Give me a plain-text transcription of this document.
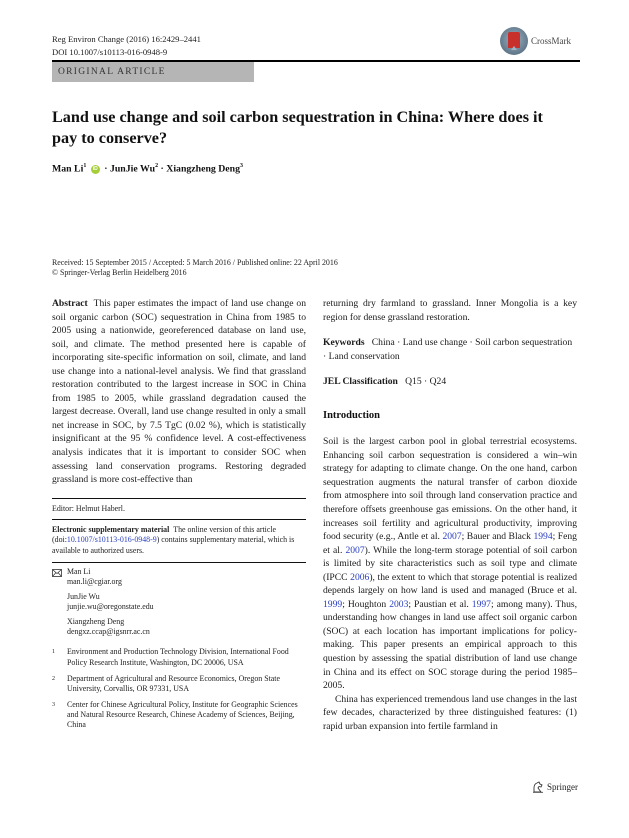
Reg Environ Change (2016) 16:2429–2441
DOI 10.1007/s10113-016-0948-9
CrossMark
ORIGINAL ARTICLE
Land use change and soil carbon sequestration in China: Where does it pay to conserve?
Man Li$^1$ iD · JunJie $Wu^2$ · Xiangzheng Deng$^3$
Received: 15 September 2015 / Accepted: 5 March 2016 / Published online: 22 April 2016
© Springer-Verlag Berlin Heidelberg 2016

Abstract This paper estimates the impact of land use change on soil organic carbon (SOC) sequestration in China from 1985 to 2005 using a nationwide, georeferenced database on land use, soil, and climate. The method presented here is capable of incorporating site-specific information on soil, climate, and land use change into a national-level analysis. We find that grassland restoration contributed to the largest increase in SOC in China from 1985 to 2005, while grassland degradation caused the largest decrease. Overall, land use change resulted in only a small net increase in SOC, by 7.5 TgC (0.02 %), which is statistically insignificant at the 95 % confidence level. A cost-effectiveness analysis indicates that it is important to consider SOC when assessing land conservation programs. Restoring degraded grassland is more cost-effective than

Editor: Helmut Haberl.
Electronic supplementary material The online version of this article (doi:10.1007/s10113-016-0948-9) contains supplementary material, which is available to authorized users.
Man Li
man.li@cgiar.org
JunJie Wu
junjie.wu@oregonstate.edu
Xiangzheng Deng
dengxz.ccap@igsnrr.ac.cn
1 Environment and Production Technology Division, International Food Policy Research Institute, Washington, DC 20006, USA
2 Department of Agricultural and Resource Economics, Oregon State University, Corvallis, OR 97331, USA
3 Center for Chinese Agricultural Policy, Institute for Geographic Sciences and Natural Resource Research, Chinese Academy of Sciences, Beijing, China

returning dry farmland to grassland. Inner Mongolia is a key region for dense grassland restoration.

Keywords China · Land use change · Soil carbon sequestration · Land conservation

JEL Classification Q15 · Q24

Introduction

Soil is the largest carbon pool in global terrestrial ecosystems. Enhancing soil carbon sequestration is considered a win–win strategy for adapting to climate change. On the one hand, carbon sequestration augments the natural transfer of carbon dioxide from atmosphere into soil through land conservation practice and therefore offsets greenhouse gas emissions. On the other hand, it increases soil fertility and agricultural productivity, improving food security (e.g., Antle et al. 2007; Bauer and Black 1994; Feng et al. 2007). While the long-term storage potential of soil carbon is limited by site characteristics such as soil type and climate (IPCC 2006), the extent to which that storage potential is realized depends largely on how land is used and managed (Bruce et al. 1999; Houghton 2003; Paustian et al. 1997; among many). Thus, understanding how changes in land use affect soil organic carbon (SOC) at each location has important implications for policy-making. This paper presents an empirical approach to this question by assessing the spatial distribution of land use change in China and its effect on SOC storage during the period 1985–2005.

China has experienced tremendous land use changes in the last few decades, characterized by three distinguished features: (1) rapid urban expansion into fertile farmland in

Springer
